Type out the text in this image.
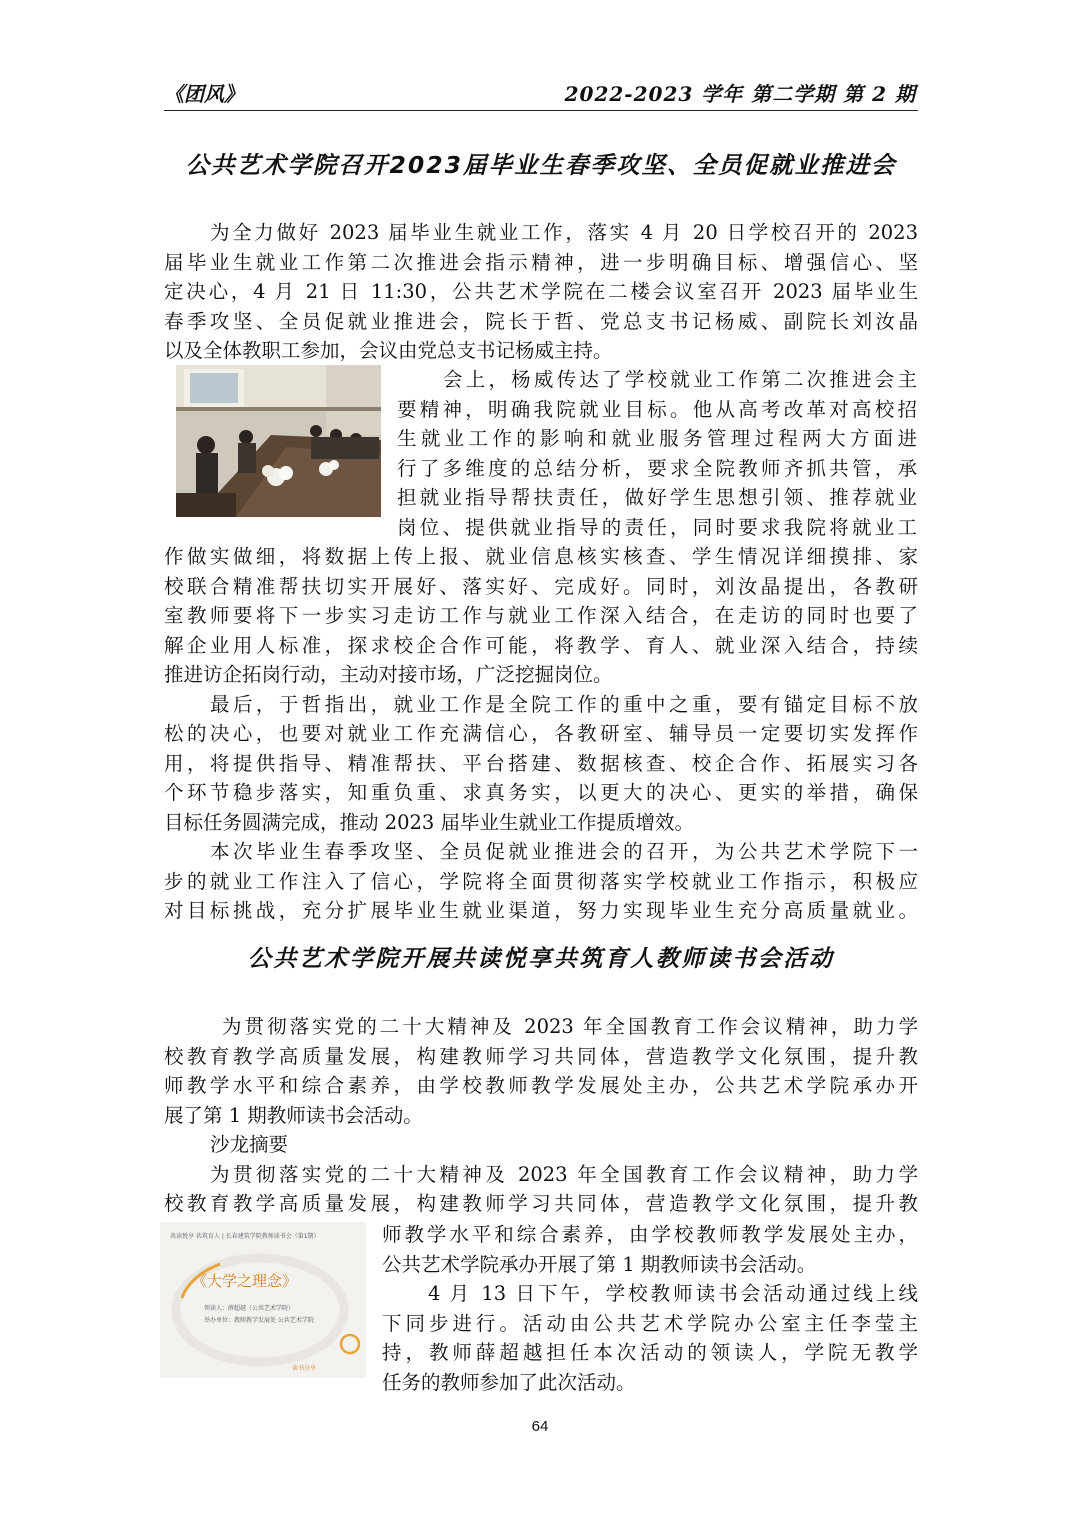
《团风》	2022-2023 学年 第二学期 第 2 期
公共艺术学院召开2023届毕业生春季攻坚、全员促就业推进会
为全力做好 2023 届毕业生就业工作，落实 4 月 20 日学校召开的 2023
届毕业生就业工作第二次推进会指示精神，进一步明确目标、增强信心、坚
定决心，4 月 21 日 11:30，公共艺术学院在二楼会议室召开 2023 届毕业生
春季攻坚、全员促就业推进会，院长于哲、党总支书记杨威、副院长刘汝晶
以及全体教职工参加，会议由党总支书记杨威主持。
会上，杨威传达了学校就业工作第二次推进会主
要精神，明确我院就业目标。他从高考改革对高校招
生就业工作的影响和就业服务管理过程两大方面进
行了多维度的总结分析，要求全院教师齐抓共管，承
担就业指导帮扶责任，做好学生思想引领、推荐就业
岗位、提供就业指导的责任，同时要求我院将就业工
作做实做细，将数据上传上报、就业信息核实核查、学生情况详细摸排、家
校联合精准帮扶切实开展好、落实好、完成好。同时，刘汝晶提出，各教研
室教师要将下一步实习走访工作与就业工作深入结合，在走访的同时也要了
解企业用人标准，探求校企合作可能，将教学、育人、就业深入结合，持续
推进访企拓岗行动，主动对接市场，广泛挖掘岗位。
最后，于哲指出，就业工作是全院工作的重中之重，要有锚定目标不放
松的决心，也要对就业工作充满信心，各教研室、辅导员一定要切实发挥作
用，将提供指导、精准帮扶、平台搭建、数据核查、校企合作、拓展实习各
个环节稳步落实，知重负重、求真务实，以更大的决心、更实的举措，确保
目标任务圆满完成，推动 2023 届毕业生就业工作提质增效。
本次毕业生春季攻坚、全员促就业推进会的召开，为公共艺术学院下一
步的就业工作注入了信心，学院将全面贯彻落实学校就业工作指示，积极应
对目标挑战，充分扩展毕业生就业渠道，努力实现毕业生充分高质量就业。
公共艺术学院开展共读悦享共筑育人教师读书会活动
为贯彻落实党的二十大精神及 2023 年全国教育工作会议精神，助力学
校教育教学高质量发展，构建教师学习共同体，营造教学文化氛围，提升教
师教学水平和综合素养，由学校教师教学发展处主办，公共艺术学院承办开
展了第 1 期教师读书会活动。
沙龙摘要
为贯彻落实党的二十大精神及 2023 年全国教育工作会议精神，助力学
校教育教学高质量发展，构建教师学习共同体，营造教学文化氛围，提升教
共读悦享 共筑育人 | 长春建筑学院教师读书会（第1期）
《大学之理念》
领读人：薛超越（公共艺术学院）
举办单位：教师教学发展处 公共艺术学院
读书分享
师教学水平和综合素养，由学校教师教学发展处主办，
公共艺术学院承办开展了第 1 期教师读书会活动。
4 月 13 日下午，学校教师读书会活动通过线上线
下同步进行。活动由公共艺术学院办公室主任李莹主
持，教师薛超越担任本次活动的领读人，学院无教学
任务的教师参加了此次活动。
64
